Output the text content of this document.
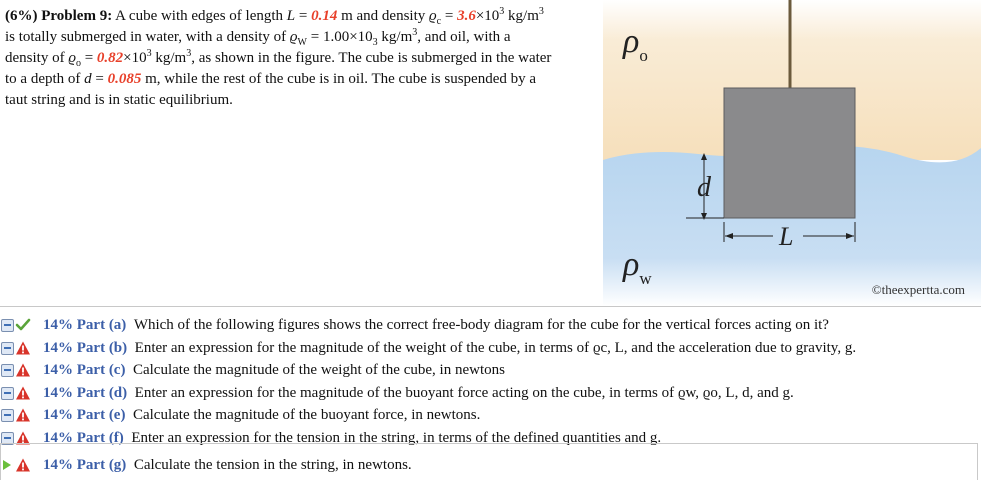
(6%) Problem 9: A cube with edges of length L = 0.14 m and density $ϱ_c = 3.6\times 10^3$ $kg/m^3$
is totally submerged in water, with a density of $ϱ_W = 1.00\times 10_3$ $kg/m^3$, and oil, with a
density of $ϱ_o = 0.82\times 10^3$ $kg/m^3$, as shown in the figure. The cube is submerged in the water
to a depth of d = 0.085 m, while the rest of the cube is in oil. The cube is suspended by a
taut string and is in static equilibrium.
d
L
$\rho_o$
$\rho_w$
©theexpertta.com
14% Part (a)  Which of the following figures shows the correct free-body diagram for the cube for the vertical forces acting on it?
14% Part (b)  Enter an expression for the magnitude of the weight of the cube, in terms of ϱc, L, and the acceleration due to gravity, g.
14% Part (c)  Calculate the magnitude of the weight of the cube, in newtons
14% Part (d)  Enter an expression for the magnitude of the buoyant force acting on the cube, in terms of ϱw, ϱo, L, d, and g.
14% Part (e)  Calculate the magnitude of the buoyant force, in newtons.
14% Part (f)  Enter an expression for the tension in the string, in terms of the defined quantities and g.
14% Part (g)  Calculate the tension in the string, in newtons.
